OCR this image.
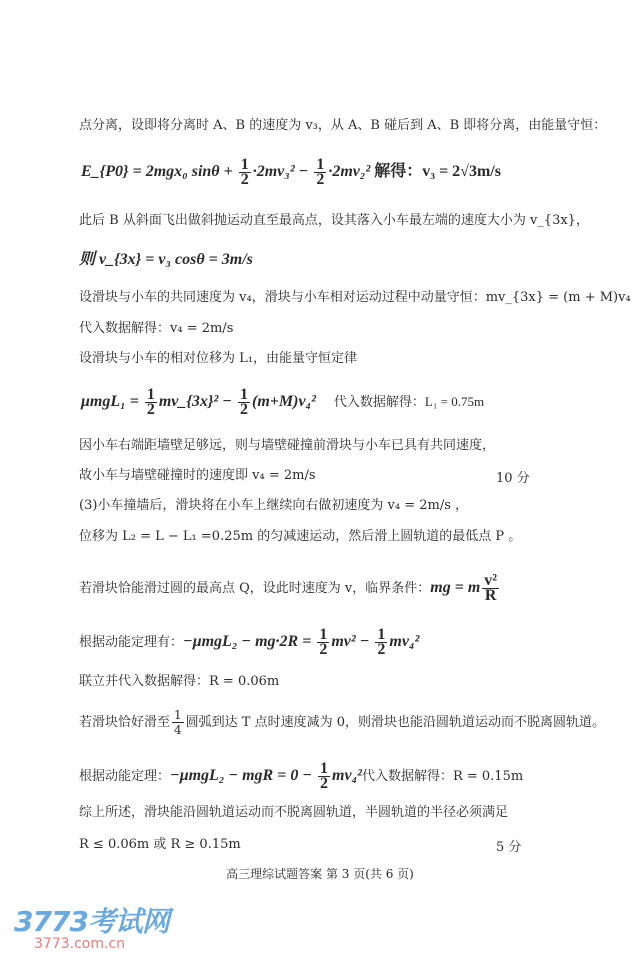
点分离，设即将分离时 A、B 的速度为 v₃，从 A、B 碰后到 A、B 即将分离，由能量守恒：
E_{P0} = 2mgx₀ $\sin\theta + \frac{1}{2} \cdot 2mv_3^2 - \frac{1}{2} \cdot 2mv_2^2$ 解得：v₃ = 2√3m/s
此后 B 从斜面飞出做斜抛运动直至最高点，设其落入小车最左端的速度大小为 v_{3x}，
则 v_{3x} = v₃ cosθ = 3m/s
设滑块与小车的共同速度为 v₄，滑块与小车相对运动过程中动量守恒：mv_{3x} = (m + M)v₄
代入数据解得：v₄ = 2m/s
设滑块与小车的相对位移为 L₁，由能量守恒定律
$\mu mgL_1 = \frac{1}{2}$ mv_{3x}² − $\frac{1}{2} (m+M)v_4^2$ 代入数据解得：L₁ = 0.75m
因小车右端距墙壁足够远，则与墙壁碰撞前滑块与小车已具有共同速度，
故小车与墙壁碰撞时的速度即 v₄ = 2m/s	10 分
(3)小车撞墙后，滑块将在小车上继续向右做初速度为 v₄ = 2m/s ，
位移为 L₂ = L − L₁ =0.25m 的匀减速运动，然后滑上圆轨道的最低点 P 。
若滑块恰能滑过圆的最高点 Q，设此时速度为 v，临界条件：mg = m $\frac{\text{v²}}{R}$
根据动能定理有：$-\mu mgL_2 - mg\cdot 2R = \frac{1}{2} mv^2 - \frac{1}{2} mv_4^2$
联立并代入数据解得：R = 0.06m
若滑块恰好滑至 $\frac{1}{4}$ 圆弧到达 T 点时速度减为 0，则滑块也能沿圆轨道运动而不脱离圆轨道。
根据动能定理：−μmgL₂ − mgR = $0 - \frac{1}{2} mv_4^2$代入数据解得：R = 0.15m
综上所述，滑块能沿圆轨道运动而不脱离圆轨道，半圆轨道的半径必须满足
R ≤ 0.06m 或 R ≥ 0.15m	5 分
高三理综试题答案 第 3 页(共 6 页)
3773考试网
3773.com.cn
